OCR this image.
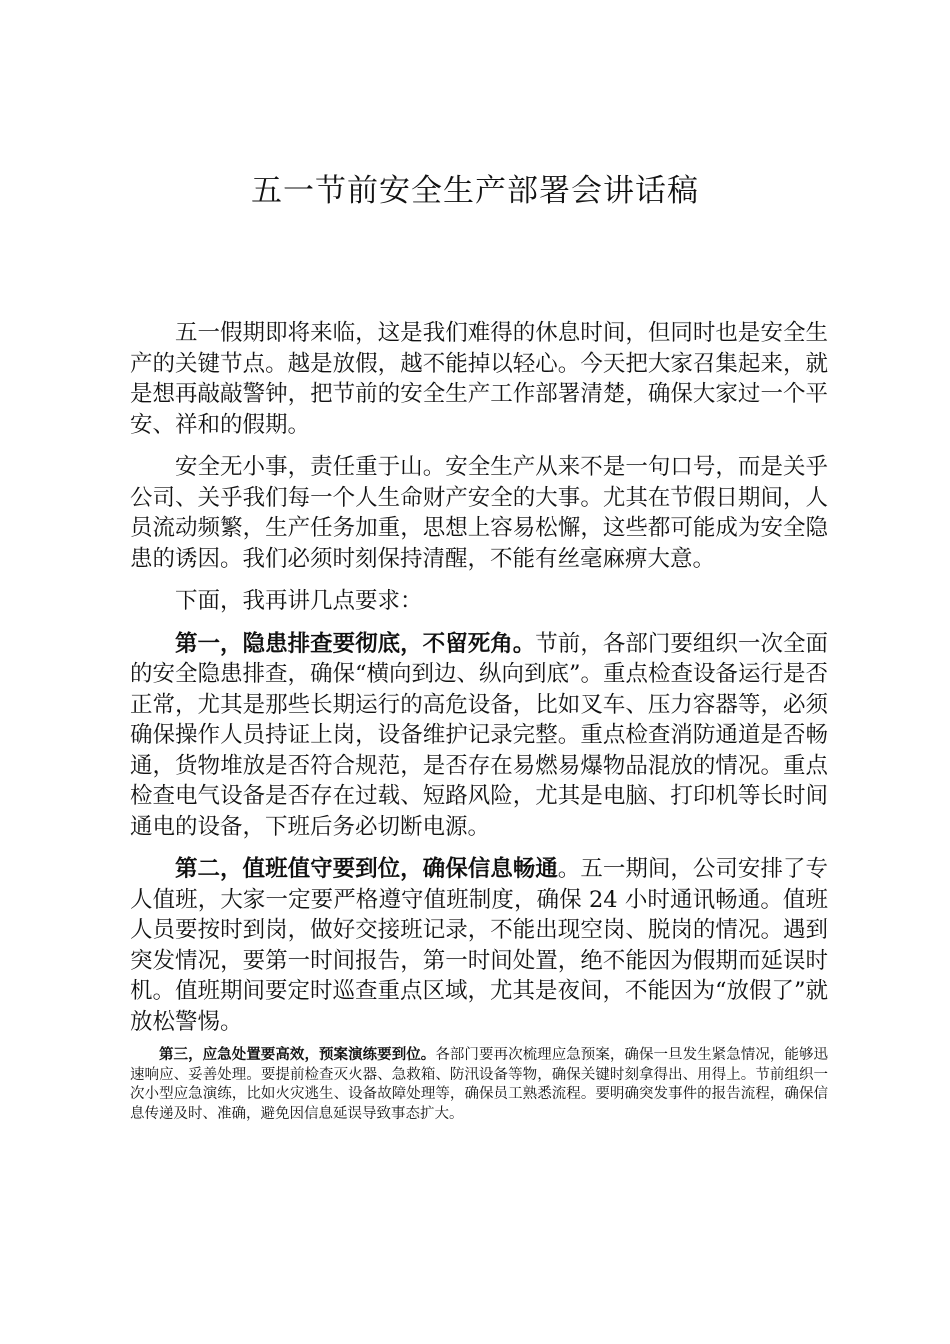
五一节前安全生产部署会讲话稿

五一假期即将来临，这是我们难得的休息时间，但同时也是安全生产的关键节点。越是放假，越不能掉以轻心。今天把大家召集起来，就是想再敲敲警钟，把节前的安全生产工作部署清楚，确保大家过一个平安、祥和的假期。

安全无小事，责任重于山。安全生产从来不是一句口号，而是关乎公司、关乎我们每一个人生命财产安全的大事。尤其在节假日期间，人员流动频繁，生产任务加重，思想上容易松懈，这些都可能成为安全隐患的诱因。我们必须时刻保持清醒，不能有丝毫麻痹大意。

下面，我再讲几点要求：

第一，隐患排查要彻底，不留死角。节前，各部门要组织一次全面的安全隐患排查，确保“横向到边、纵向到底”。重点检查设备运行是否正常，尤其是那些长期运行的高危设备，比如叉车、压力容器等，必须确保操作人员持证上岗，设备维护记录完整。重点检查消防通道是否畅通，货物堆放是否符合规范，是否存在易燃易爆物品混放的情况。重点检查电气设备是否存在过载、短路风险，尤其是电脑、打印机等长时间通电的设备，下班后务必切断电源。

第二，值班值守要到位，确保信息畅通。五一期间，公司安排了专人值班，大家一定要严格遵守值班制度，确保 24 小时通讯畅通。值班人员要按时到岗，做好交接班记录，不能出现空岗、脱岗的情况。遇到突发情况，要第一时间报告，第一时间处置，绝不能因为假期而延误时机。值班期间要定时巡查重点区域，尤其是夜间，不能因为“放假了”就放松警惕。

第三，应急处置要高效，预案演练要到位。各部门要再次梳理应急预案，确保一旦发生紧急情况，能够迅速响应、妥善处理。要提前检查灭火器、急救箱、防汛设备等物，确保关键时刻拿得出、用得上。节前组织一次小型应急演练，比如火灾逃生、设备故障处理等，确保员工熟悉流程。要明确突发事件的报告流程，确保信息传递及时、准确，避免因信息延误导致事态扩大。
